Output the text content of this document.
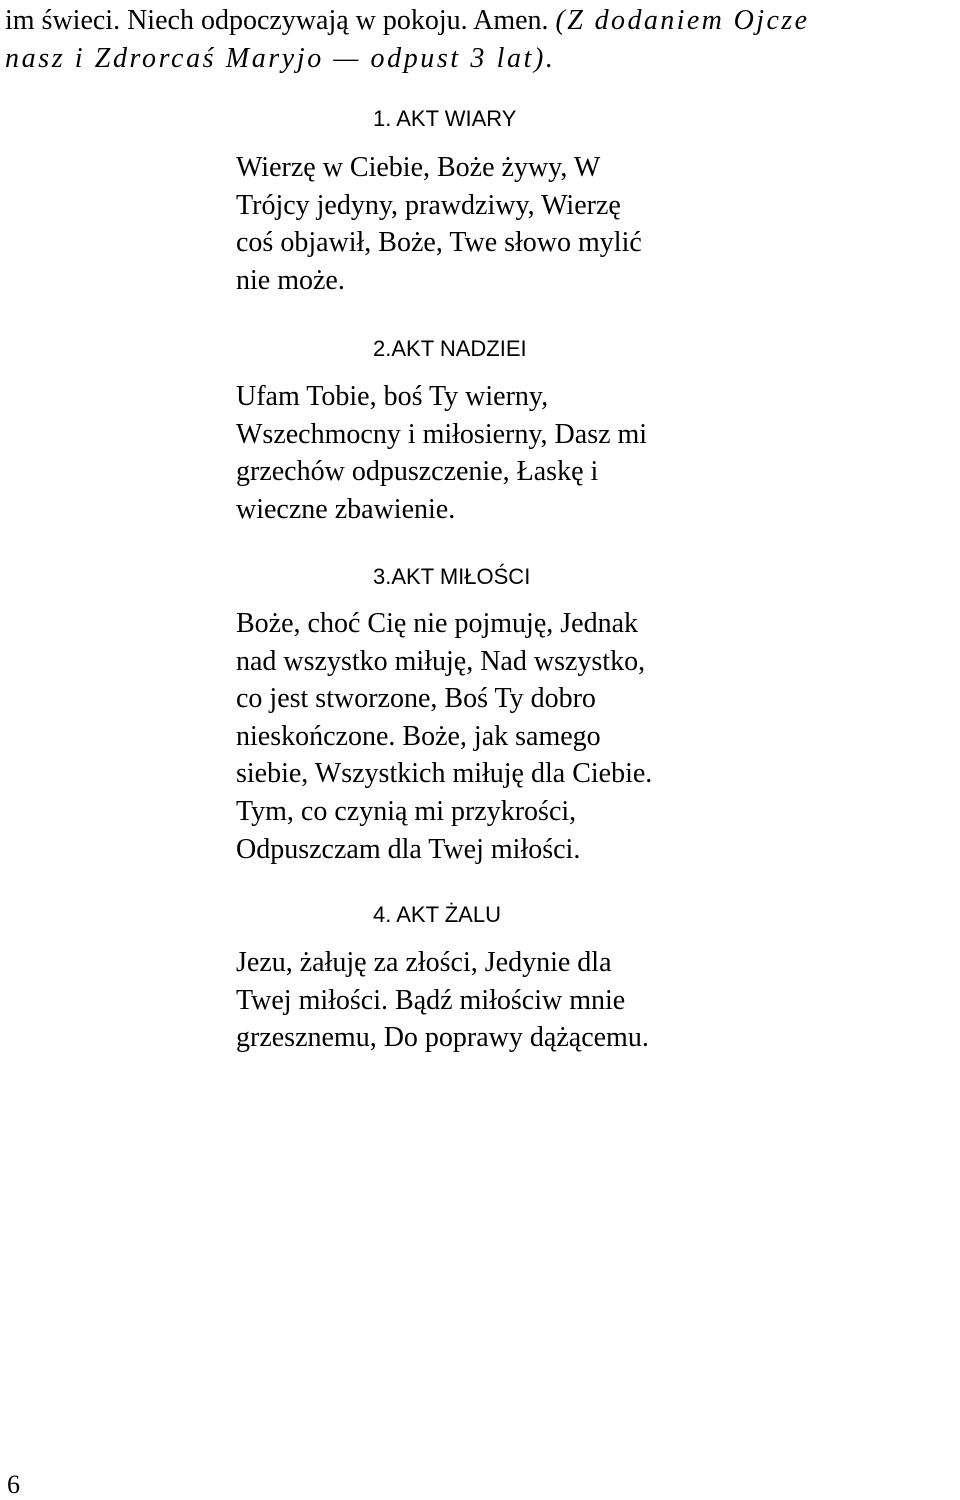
im świeci. Niech odpoczywają w pokoju. Amen. (Z dodaniem Ojcze
nasz i Zdrorcaś Maryjo — odpust 3 lat).
1. AKT WIARY
Wierzę w Ciebie, Boże żywy, W
Trójcy jedyny, prawdziwy, Wierzę
coś objawił, Boże, Twe słowo mylić
nie może.
2.AKT NADZIEI
Ufam Tobie, boś Ty wierny,
Wszechmocny i miłosierny, Dasz mi
grzechów odpuszczenie, Łaskę i
wieczne zbawienie.
3.AKT MIŁOŚCI
Boże, choć Cię nie pojmuję, Jednak
nad wszystko miłuję, Nad wszystko,
co jest stworzone, Boś Ty dobro
nieskończone. Boże, jak samego
siebie, Wszystkich miłuję dla Ciebie.
Tym, co czynią mi przykrości,
Odpuszczam dla Twej miłości.
4. AKT ŻALU
Jezu, żałuję za złości, Jedynie dla
Twej miłości. Bądź miłościw mnie
grzesznemu, Do poprawy dążącemu.
6
